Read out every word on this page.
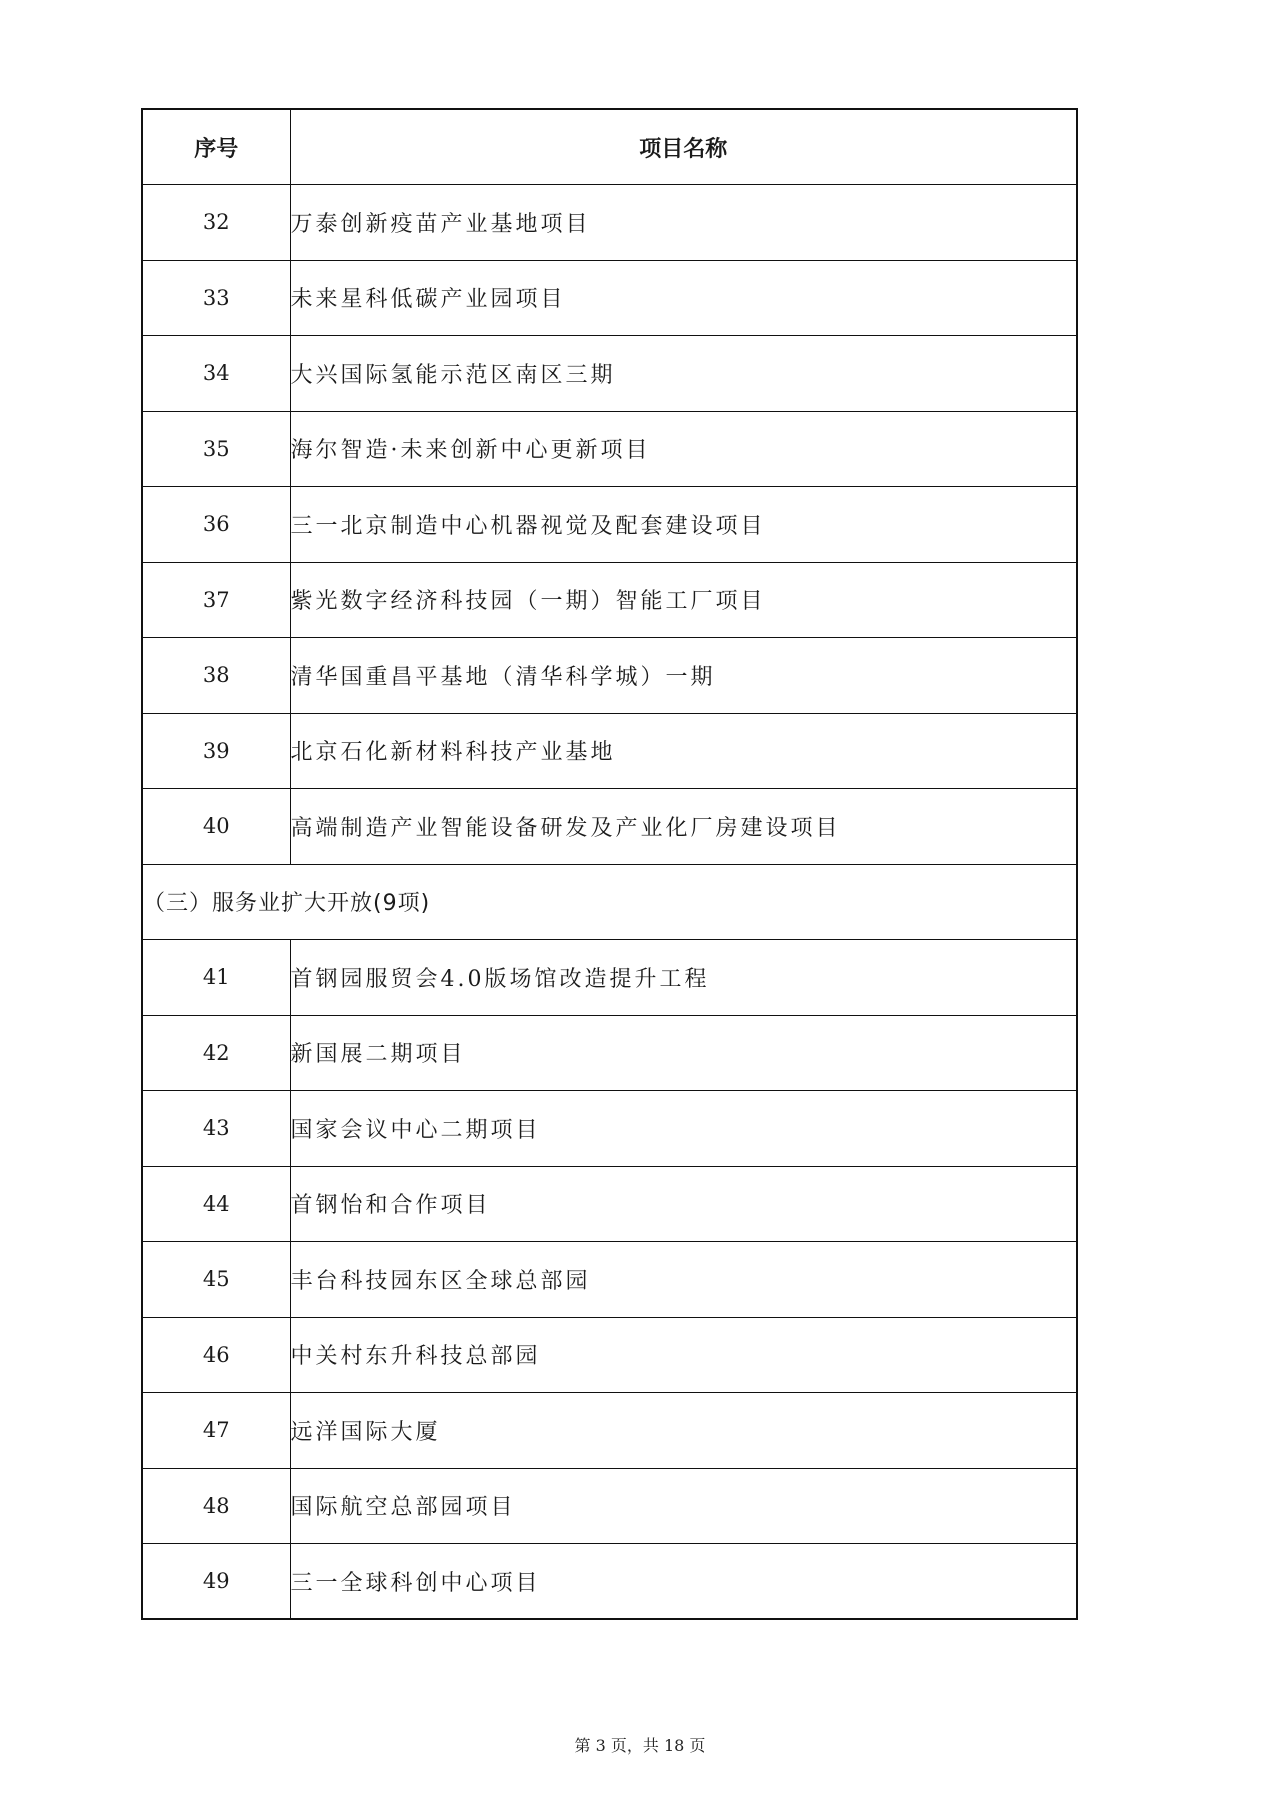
序号	项目名称
32	万泰创新疫苗产业基地项目
33	未来星科低碳产业园项目
34	大兴国际氢能示范区南区三期
35	海尔智造·未来创新中心更新项目
36	三一北京制造中心机器视觉及配套建设项目
37	紫光数字经济科技园（一期）智能工厂项目
38	清华国重昌平基地（清华科学城）一期
39	北京石化新材料科技产业基地
40	高端制造产业智能设备研发及产业化厂房建设项目
（三）服务业扩大开放(9项)	
41	首钢园服贸会4.0版场馆改造提升工程
42	新国展二期项目
43	国家会议中心二期项目
44	首钢怡和合作项目
45	丰台科技园东区全球总部园
46	中关村东升科技总部园
47	远洋国际大厦
48	国际航空总部园项目
49	三一全球科创中心项目
第 3 页，共 18 页
